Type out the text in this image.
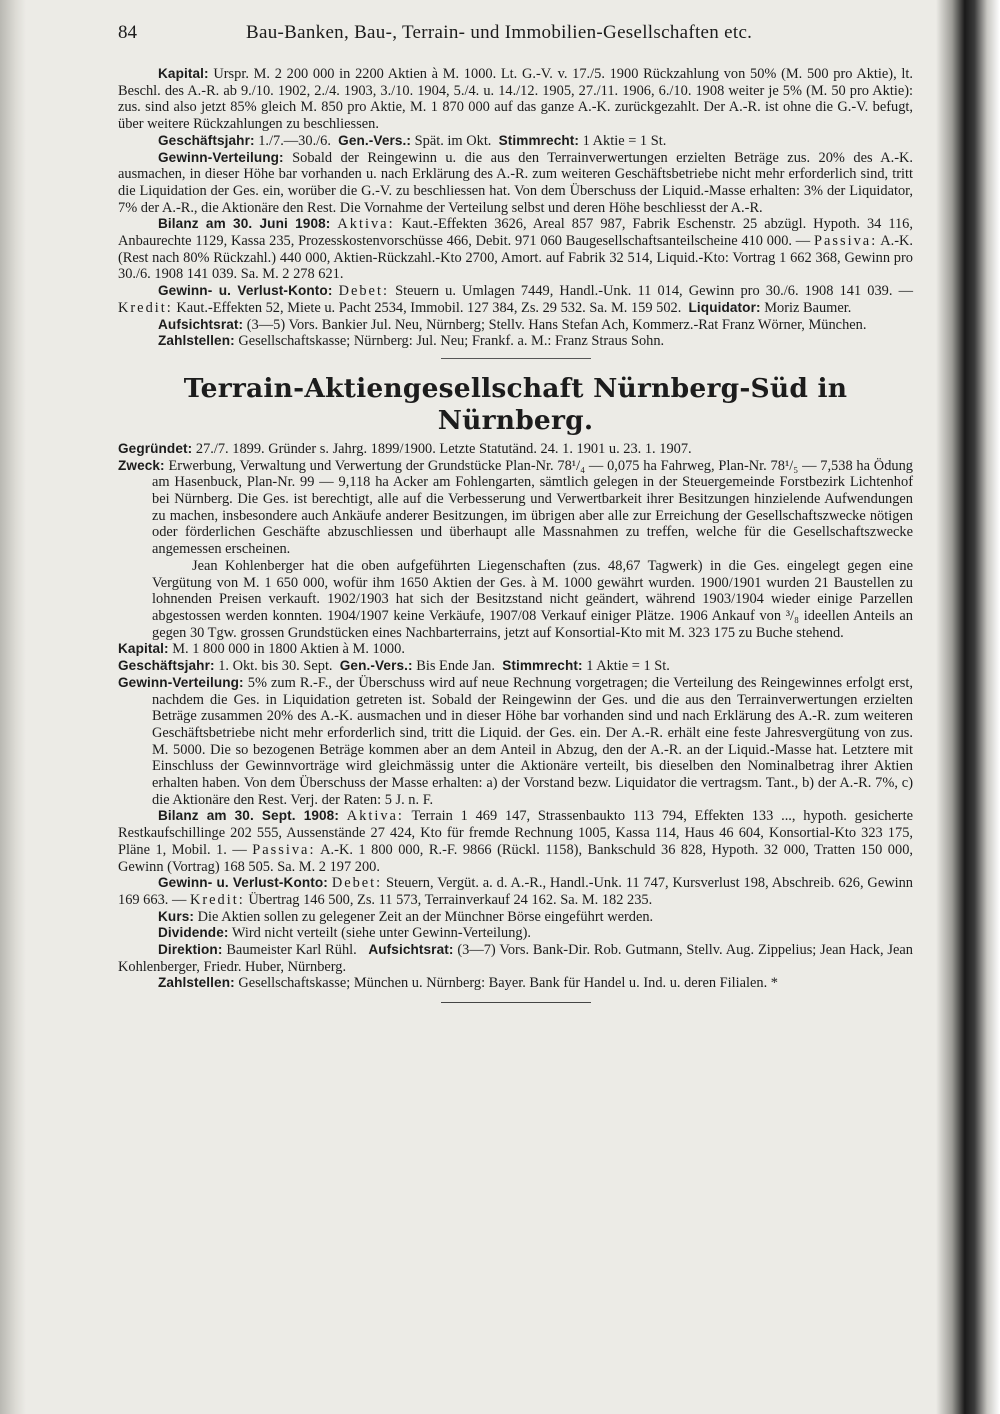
84	Bau-Banken, Bau-, Terrain- und Immobilien-Gesellschaften etc.

Kapital: Urspr. M. 2 200 000 in 2200 Aktien à M. 1000. Lt. G.-V. v. 17./5. 1900 Rückzahlung von 50% (M. 500 pro Aktie), lt. Beschl. des A.-R. ab 9./10. 1902, 2./4. 1903, 3./10. 1904, 5./4. u. 14./12. 1905, 27./11. 1906, 6./10. 1908 weiter je 5% (M. 50 pro Aktie): zus. sind also jetzt 85% gleich M. 850 pro Aktie, M. 1 870 000 auf das ganze A.-K. zurückgezahlt. Der A.-R. ist ohne die G.-V. befugt, über weitere Rückzahlungen zu beschliessen.

Geschäftsjahr: 1./7.—30./6. Gen.-Vers.: Spät. im Okt. Stimmrecht: 1 Aktie = 1 St.

Gewinn-Verteilung: Sobald der Reingewinn u. die aus den Terrainverwertungen erzielten Beträge zus. 20% des A.-K. ausmachen, in dieser Höhe bar vorhanden u. nach Erklärung des A.-R. zum weiteren Geschäftsbetriebe nicht mehr erforderlich sind, tritt die Liquidation der Ges. ein, worüber die G.-V. zu beschliessen hat. Von dem Überschuss der Liquid.-Masse erhalten: 3% der Liquidator, 7% der A.-R., die Aktionäre den Rest. Die Vornahme der Verteilung selbst und deren Höhe beschliesst der A.-R.

Bilanz am 30. Juni 1908: Aktiva: Kaut.-Effekten 3626, Areal 857 987, Fabrik Eschenstr. 25 abzügl. Hypoth. 34 116, Anbaurechte 1129, Kassa 235, Prozesskostenvorschüsse 466, Debit. 971 060 Baugesellschaftsanteilscheine 410 000. — Passiva: A.-K. (Rest nach 80% Rückzahl.) 440 000, Aktien-Rückzahl.-Kto 2700, Amort. auf Fabrik 32 514, Liquid.-Kto: Vortrag 1 662 368, Gewinn pro 30./6. 1908 141 039. Sa. M. 2 278 621.

Gewinn- u. Verlust-Konto: Debet: Steuern u. Umlagen 7449, Handl.-Unk. 11 014, Gewinn pro 30./6. 1908 141 039. — Kredit: Kaut.-Effekten 52, Miete u. Pacht 2534, Immobil. 127 384, Zs. 29 532. Sa. M. 159 502. Liquidator: Moriz Baumer.

Aufsichtsrat: (3—5) Vors. Bankier Jul. Neu, Nürnberg; Stellv. Hans Stefan Ach, Kommerz.-Rat Franz Wörner, München.

Zahlstellen: Gesellschaftskasse; Nürnberg: Jul. Neu; Frankf. a. M.: Franz Straus Sohn.

Terrain-Aktiengesellschaft Nürnberg-Süd in Nürnberg.

Gegründet: 27./7. 1899. Gründer s. Jahrg. 1899/1900. Letzte Statutänd. 24. 1. 1901 u. 23. 1. 1907.

Zweck: Erwerbung, Verwaltung und Verwertung der Grundstücke Plan-Nr. 78¹/₄ — 0,075 ha Fahrweg, Plan-Nr. 78¹/₅ — 7,538 ha Ödung am Hasenbuck, Plan-Nr. 99 — 9,118 ha Acker am Fohlengarten, sämtlich gelegen in der Steuergemeinde Forstbezirk Lichtenhof bei Nürnberg. Die Ges. ist berechtigt, alle auf die Verbesserung und Verwertbarkeit ihrer Besitzungen hinzielende Aufwendungen zu machen, insbesondere auch Ankäufe anderer Besitzungen, im übrigen aber alle zur Erreichung der Gesellschaftszwecke nötigen oder förderlichen Geschäfte abzuschliessen und überhaupt alle Massnahmen zu treffen, welche für die Gesellschaftszwecke angemessen erscheinen.

Jean Kohlenberger hat die oben aufgeführten Liegenschaften (zus. 48,67 Tagwerk) in die Ges. eingelegt gegen eine Vergütung von M. 1 650 000, wofür ihm 1650 Aktien der Ges. à M. 1000 gewährt wurden. 1900/1901 wurden 21 Baustellen zu lohnenden Preisen verkauft. 1902/1903 hat sich der Besitzstand nicht geändert, während 1903/1904 wieder einige Parzellen abgestossen werden konnten. 1904/1907 keine Verkäufe, 1907/08 Verkauf einiger Plätze. 1906 Ankauf von ³/₈ ideellen Anteils an gegen 30 Tgw. grossen Grundstücken eines Nachbarterrains, jetzt auf Konsortial-Kto mit M. 323 175 zu Buche stehend.

Kapital: M. 1 800 000 in 1800 Aktien à M. 1000.

Geschäftsjahr: 1. Okt. bis 30. Sept. Gen.-Vers.: Bis Ende Jan. Stimmrecht: 1 Aktie = 1 St.

Gewinn-Verteilung: 5% zum R.-F., der Überschuss wird auf neue Rechnung vorgetragen; die Verteilung des Reingewinnes erfolgt erst, nachdem die Ges. in Liquidation getreten ist. Sobald der Reingewinn der Ges. und die aus den Terrainverwertungen erzielten Beträge zusammen 20% des A.-K. ausmachen und in dieser Höhe bar vorhanden sind und nach Erklärung des A.-R. zum weiteren Geschäftsbetriebe nicht mehr erforderlich sind, tritt die Liquid. der Ges. ein. Der A.-R. erhält eine feste Jahresvergütung von zus. M. 5000. Die so bezogenen Beträge kommen aber an dem Anteil in Abzug, den der A.-R. an der Liquid.-Masse hat. Letztere mit Einschluss der Gewinnvorträge wird gleichmässig unter die Aktionäre verteilt, bis dieselben den Nominalbetrag ihrer Aktien erhalten haben. Von dem Überschuss der Masse erhalten: a) der Vorstand bezw. Liquidator die vertragsm. Tant., b) der A.-R. 7%, c) die Aktionäre den Rest. Verj. der Raten: 5 J. n. F.

Bilanz am 30. Sept. 1908: Aktiva: Terrain 1 469 147, Strassenbaukto 113 794, Effekten 133 ..., hypoth. gesicherte Restkaufschillinge 202 555, Aussenstände 27 424, Kto für fremde Rechnung 1005, Kassa 114, Haus 46 604, Konsortial-Kto 323 175, Pläne 1, Mobil. 1. — Passiva: A.-K. 1 800 000, R.-F. 9866 (Rückl. 1158), Bankschuld 36 828, Hypoth. 32 000, Tratten 150 000, Gewinn (Vortrag) 168 505. Sa. M. 2 197 200.

Gewinn- u. Verlust-Konto: Debet: Steuern, Vergüt. a. d. A.-R., Handl.-Unk. 11 747, Kursverlust 198, Abschreib. 626, Gewinn 169 663. — Kredit: Übertrag 146 500, Zs. 11 573, Terrainverkauf 24 162. Sa. M. 182 235.

Kurs: Die Aktien sollen zu gelegener Zeit an der Münchner Börse eingeführt werden.

Dividende: Wird nicht verteilt (siehe unter Gewinn-Verteilung).

Direktion: Baumeister Karl Rühl. Aufsichtsrat: (3—7) Vors. Bank-Dir. Rob. Gutmann, Stellv. Aug. Zippelius; Jean Hack, Jean Kohlenberger, Friedr. Huber, Nürnberg.

Zahlstellen: Gesellschaftskasse; München u. Nürnberg: Bayer. Bank für Handel u. Ind. u. deren Filialen. *
